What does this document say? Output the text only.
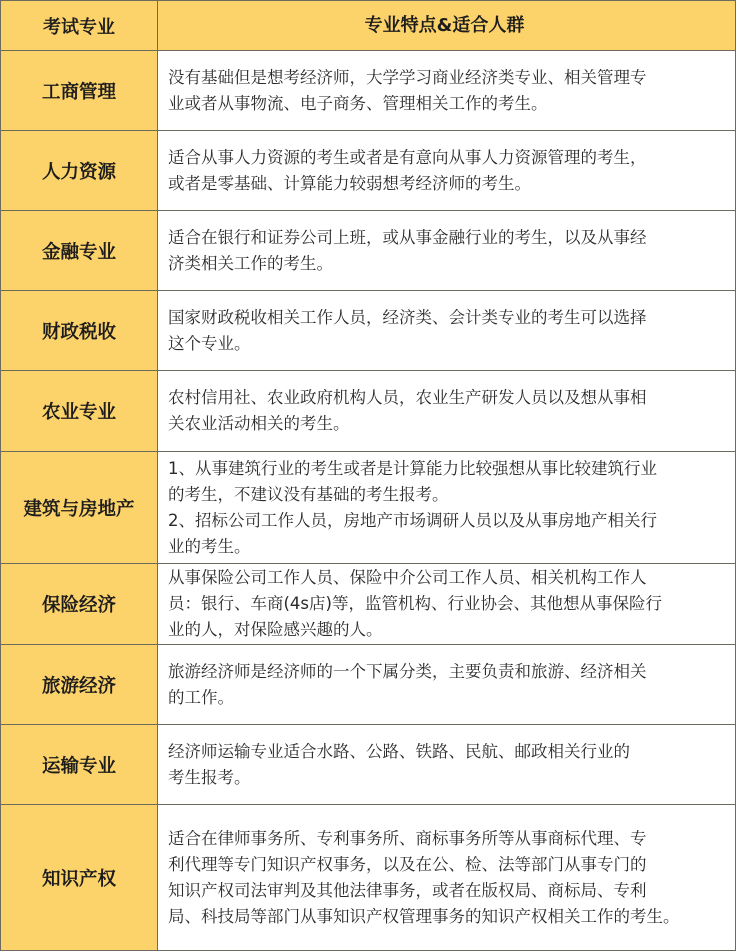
考试专业	专业特点&适合人群
工商管理
没有基础但是想考经济师，大学学习商业经济类专业、相关管理专
业或者从事物流、电子商务、管理相关工作的考生。
人力资源
适合从事人力资源的考生或者是有意向从事人力资源管理的考生，
或者是零基础、计算能力较弱想考经济师的考生。
金融专业
适合在银行和证券公司上班，或从事金融行业的考生，以及从事经
济类相关工作的考生。
财政税收
国家财政税收相关工作人员，经济类、会计类专业的考生可以选择
这个专业。
农业专业
农村信用社、农业政府机构人员，农业生产研发人员以及想从事相
关农业活动相关的考生。
建筑与房地产
1、从事建筑行业的考生或者是计算能力比较强想从事比较建筑行业
的考生，不建议没有基础的考生报考。
2、招标公司工作人员，房地产市场调研人员以及从事房地产相关行
业的考生。
保险经济
从事保险公司工作人员、保险中介公司工作人员、相关机构工作人
员：银行、车商(4s店)等，监管机构、行业协会、其他想从事保险行
业的人，对保险感兴趣的人。
旅游经济
旅游经济师是经济师的一个下属分类，主要负责和旅游、经济相关
的工作。
运输专业
经济师运输专业适合水路、公路、铁路、民航、邮政相关行业的
考生报考。
知识产权
适合在律师事务所、专利事务所、商标事务所等从事商标代理、专
利代理等专门知识产权事务，以及在公、检、法等部门从事专门的
知识产权司法审判及其他法律事务，或者在版权局、商标局、专利
局、科技局等部门从事知识产权管理事务的知识产权相关工作的考生。
